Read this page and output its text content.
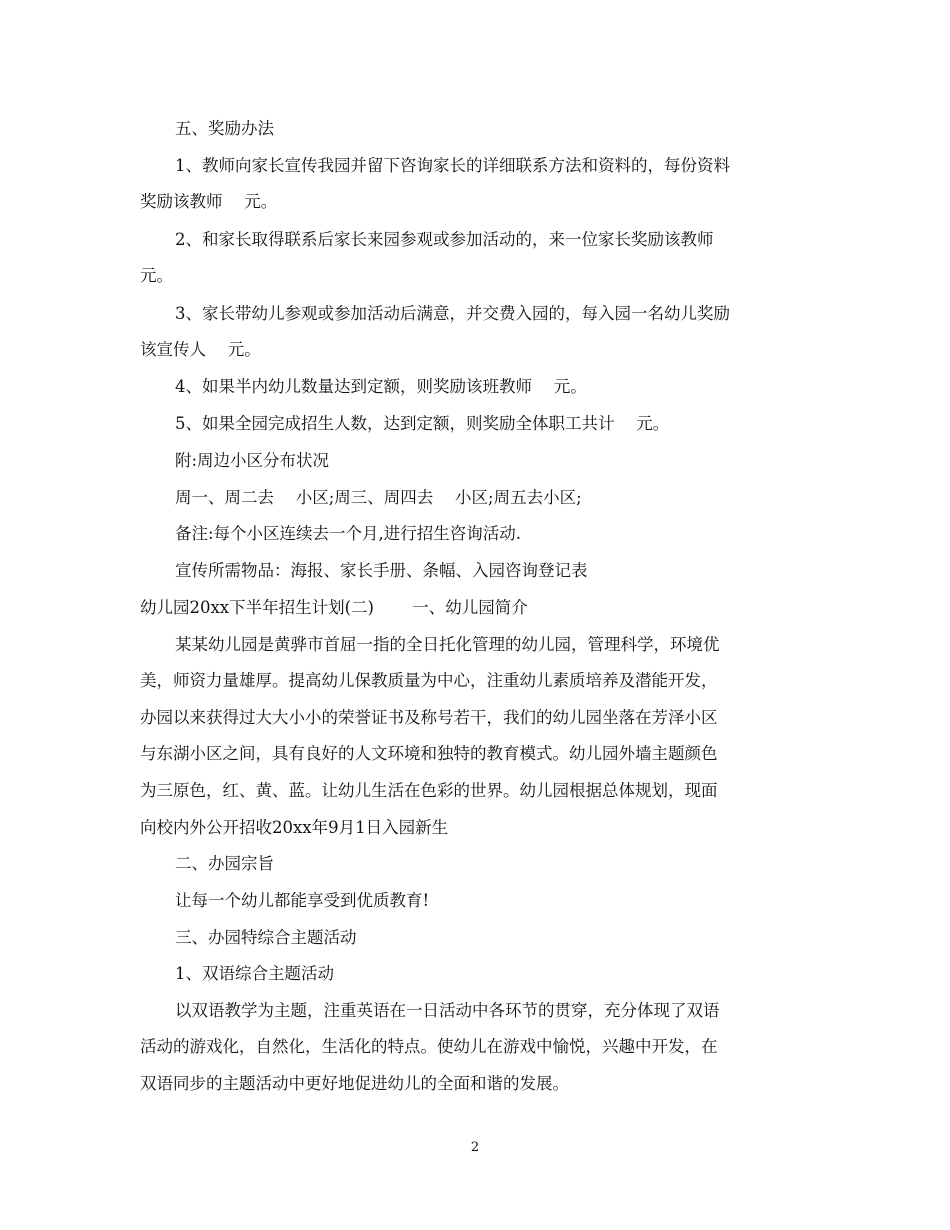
五、奖励办法
1、教师向家长宣传我园并留下咨询家长的详细联系方法和资料的，每份资料
奖励该教师　 元。
2、和家长取得联系后家长来园参观或参加活动的，来一位家长奖励该教师
元。
3、家长带幼儿参观或参加活动后满意，并交费入园的，每入园一名幼儿奖励
该宣传人　 元。
4、如果半内幼儿数量达到定额，则奖励该班教师　 元。
5、如果全园完成招生人数，达到定额，则奖励全体职工共计　 元。
附:周边小区分布状况
周一、周二去　 小区;周三、周四去　 小区;周五去小区;
备注:每个小区连续去一个月,进行招生咨询活动.
宣传所需物品：海报、家长手册、条幅、入园咨询登记表
幼儿园20xx下半年招生计划(二)　　 一、幼儿园简介
某某幼儿园是黄骅市首屈一指的全日托化管理的幼儿园，管理科学，环境优
美，师资力量雄厚。提高幼儿保教质量为中心，注重幼儿素质培养及潜能开发，
办园以来获得过大大小小的荣誉证书及称号若干，我们的幼儿园坐落在芳泽小区
与东湖小区之间，具有良好的人文环境和独特的教育模式。幼儿园外墙主题颜色
为三原色，红、黄、蓝。让幼儿生活在色彩的世界。幼儿园根据总体规划，现面
向校内外公开招收20xx年9月1日入园新生
二、办园宗旨
让每一个幼儿都能享受到优质教育!
三、办园特综合主题活动
1、双语综合主题活动
以双语教学为主题，注重英语在一日活动中各环节的贯穿，充分体现了双语
活动的游戏化，自然化，生活化的特点。使幼儿在游戏中愉悦，兴趣中开发，在
双语同步的主题活动中更好地促进幼儿的全面和谐的发展。
2
